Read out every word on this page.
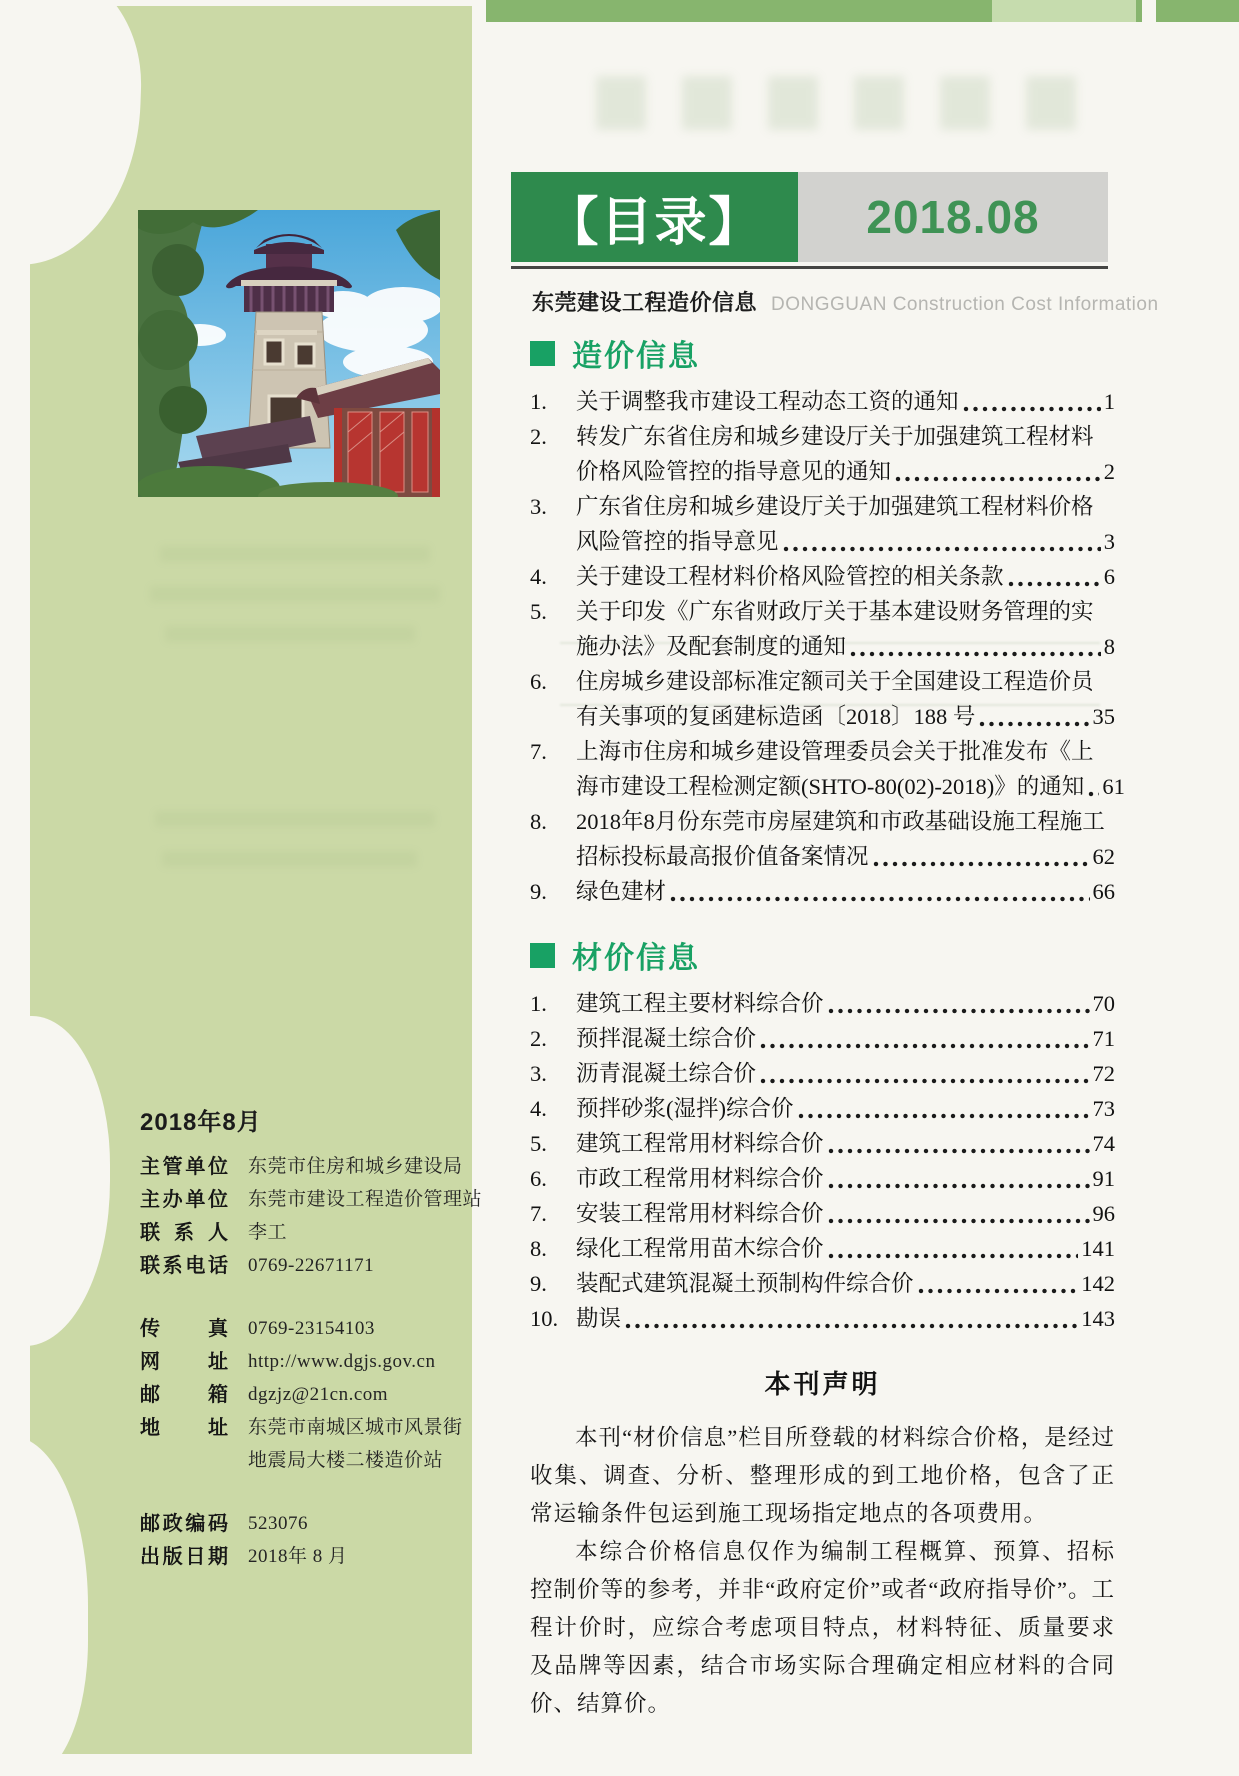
【目录】	2018.08
东莞建设工程造价信息 DONGGUAN Construction Cost Information
造价信息
1.	关于调整我市建设工程动态工资的通知	1
2.	转发广东省住房和城乡建设厅关于加强建筑工程材料
价格风险管控的指导意见的通知	2
3.	广东省住房和城乡建设厅关于加强建筑工程材料价格
风险管控的指导意见	3
4.	关于建设工程材料价格风险管控的相关条款	6
5.	关于印发《广东省财政厅关于基本建设财务管理的实
施办法》及配套制度的通知	8
6.	住房城乡建设部标准定额司关于全国建设工程造价员
有关事项的复函建标造函〔2018〕188 号	35
7.	上海市住房和城乡建设管理委员会关于批准发布《上
海市建设工程检测定额(SHTO-80(02)-2018)》的通知 61
8.	2018年8月份东莞市房屋建筑和市政基础设施工程施工
招标投标最高报价值备案情况	62
9.	绿色建材	66
材价信息
1.	建筑工程主要材料综合价	70
2.	预拌混凝土综合价	71
3.	沥青混凝土综合价	72
4.	预拌砂浆(湿拌)综合价	73
5.	建筑工程常用材料综合价	74
6.	市政工程常用材料综合价	91
7.	安装工程常用材料综合价	96
8.	绿化工程常用苗木综合价	141
9.	装配式建筑混凝土预制构件综合价	142
10. 勘误	143
本刊声明

本刊“材价信息”栏目所登载的材料综合价格，是经过收集、调查、分析、整理形成的到工地价格，包含了正常运输条件包运到施工现场指定地点的各项费用。

本综合价格信息仅作为编制工程概算、预算、招标控制价等的参考，并非“政府定价”或者“政府指导价”。工程计价时，应综合考虑项目特点，材料特征、质量要求及品牌等因素，结合市场实际合理确定相应材料的合同价、结算价。

2018年8月
主管单位 东莞市住房和城乡建设局
主办单位 东莞市建设工程造价管理站
联系人 李工
联系电话 0769-22671171
传真 0769-23154103
网址 http://www.dgjs.gov.cn
邮箱 dgzjz@21cn.com
地址 东莞市南城区城市风景街
地震局大楼二楼造价站
邮政编码 523076
出版日期 2018年 8 月
